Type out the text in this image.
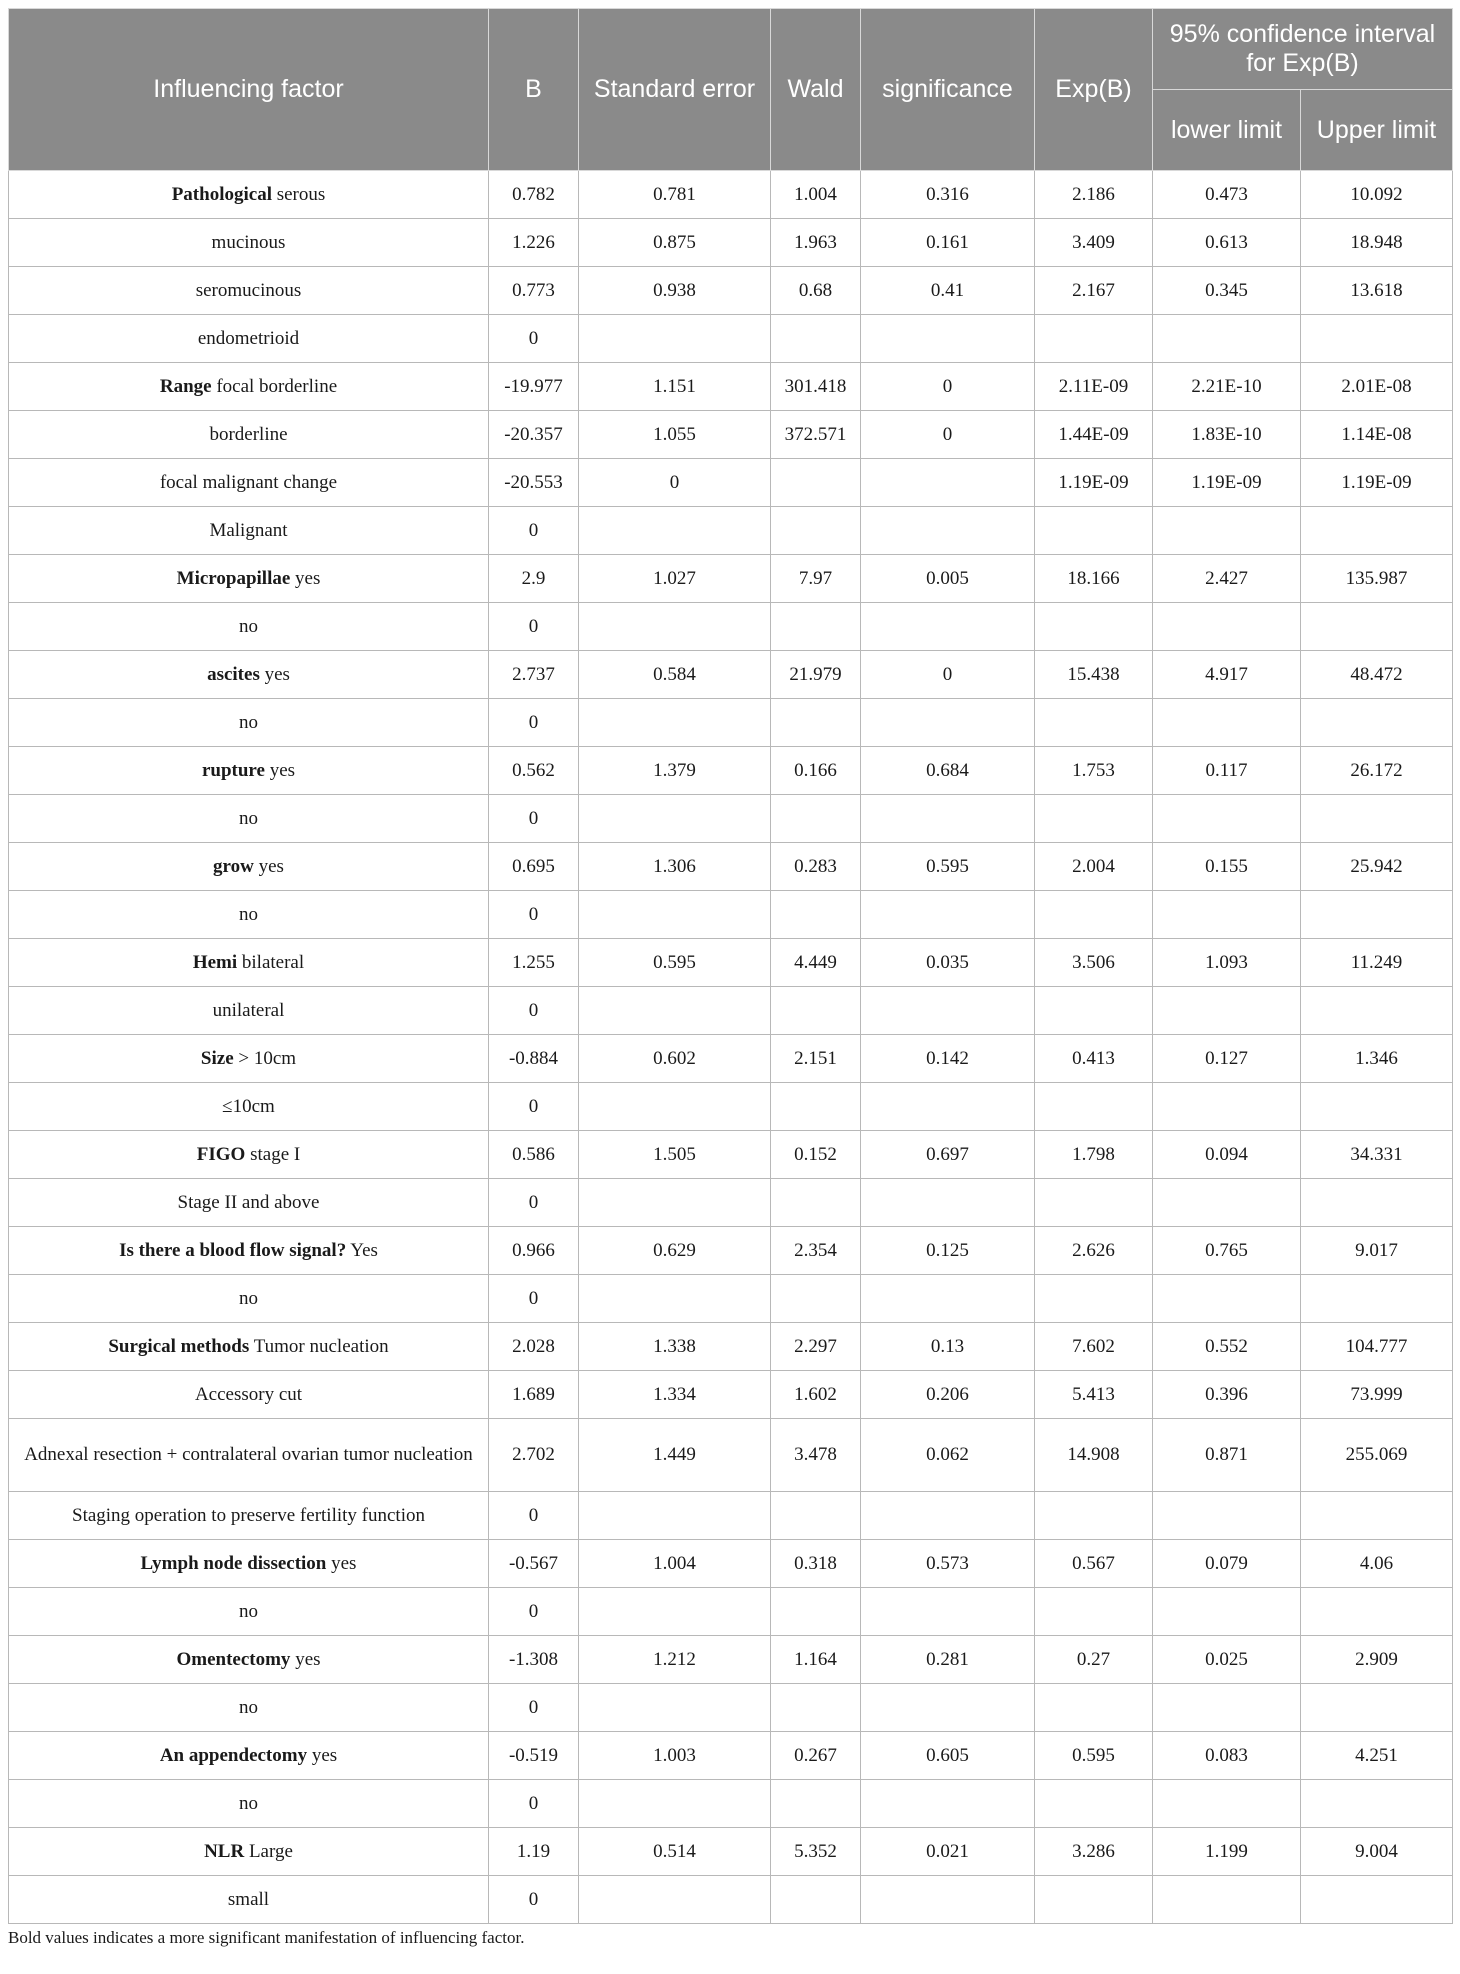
Influencing factor	B	Standard error	Wald	significance	Exp(B)	95% confidence interval for Exp(B)	
						lower limit	Upper limit
Pathological serous	0.782	0.781	1.004	0.316	2.186	0.473	10.092
mucinous	1.226	0.875	1.963	0.161	3.409	0.613	18.948
seromucinous	0.773	0.938	0.68	0.41	2.167	0.345	13.618
endometrioid	0						
Range focal borderline	-19.977	1.151	301.418	0	2.11E-09	2.21E-10	2.01E-08
borderline	-20.357	1.055	372.571	0	1.44E-09	1.83E-10	1.14E-08
focal malignant change	-20.553	0			1.19E-09	1.19E-09	1.19E-09
Malignant	0						
Micropapillae yes	2.9	1.027	7.97	0.005	18.166	2.427	135.987
no	0						
ascites yes	2.737	0.584	21.979	0	15.438	4.917	48.472
no	0						
rupture yes	0.562	1.379	0.166	0.684	1.753	0.117	26.172
no	0						
grow yes	0.695	1.306	0.283	0.595	2.004	0.155	25.942
no	0						
Hemi bilateral	1.255	0.595	4.449	0.035	3.506	1.093	11.249
unilateral	0						
Size > 10cm	-0.884	0.602	2.151	0.142	0.413	0.127	1.346
≤10cm	0						
FIGO stage I	0.586	1.505	0.152	0.697	1.798	0.094	34.331
Stage II and above	0						
Is there a blood flow signal? Yes	0.966	0.629	2.354	0.125	2.626	0.765	9.017
no	0						
Surgical methods Tumor nucleation	2.028	1.338	2.297	0.13	7.602	0.552	104.777
Accessory cut	1.689	1.334	1.602	0.206	5.413	0.396	73.999
Adnexal resection + contralateral ovarian tumor nucleation	2.702	1.449	3.478	0.062	14.908	0.871	255.069
Staging operation to preserve fertility function	0						
Lymph node dissection yes	-0.567	1.004	0.318	0.573	0.567	0.079	4.06
no	0						
Omentectomy yes	-1.308	1.212	1.164	0.281	0.27	0.025	2.909
no	0						
An appendectomy yes	-0.519	1.003	0.267	0.605	0.595	0.083	4.251
no	0						
NLR Large	1.19	0.514	5.352	0.021	3.286	1.199	9.004
small	0						
Bold values indicates a more significant manifestation of influencing factor.
